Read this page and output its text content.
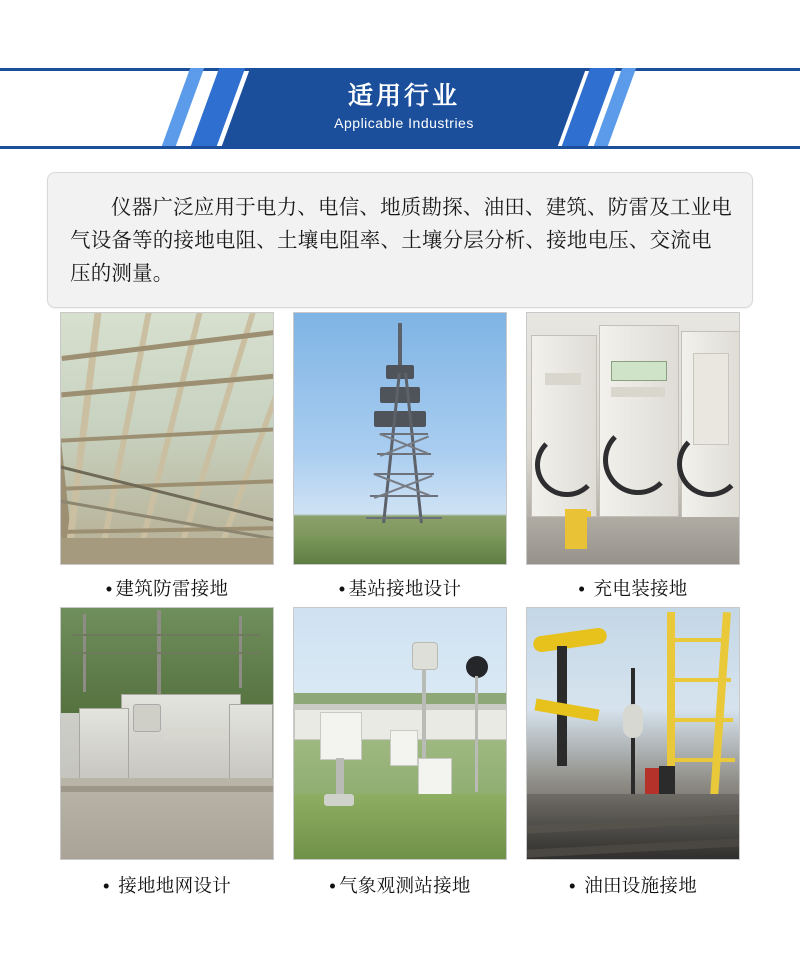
适用行业
Applicable Industries

仪器广泛应用于电力、电信、地质勘探、油田、建筑、防雷及工业电气设备等的接地电阻、土壤电阻率、土壤分层分析、接地电压、交流电压的测量。

• 建筑防雷接地	• 基站接地设计	• 充电装接地
• 接地地网设计	• 气象观测站接地	• 油田设施接地
